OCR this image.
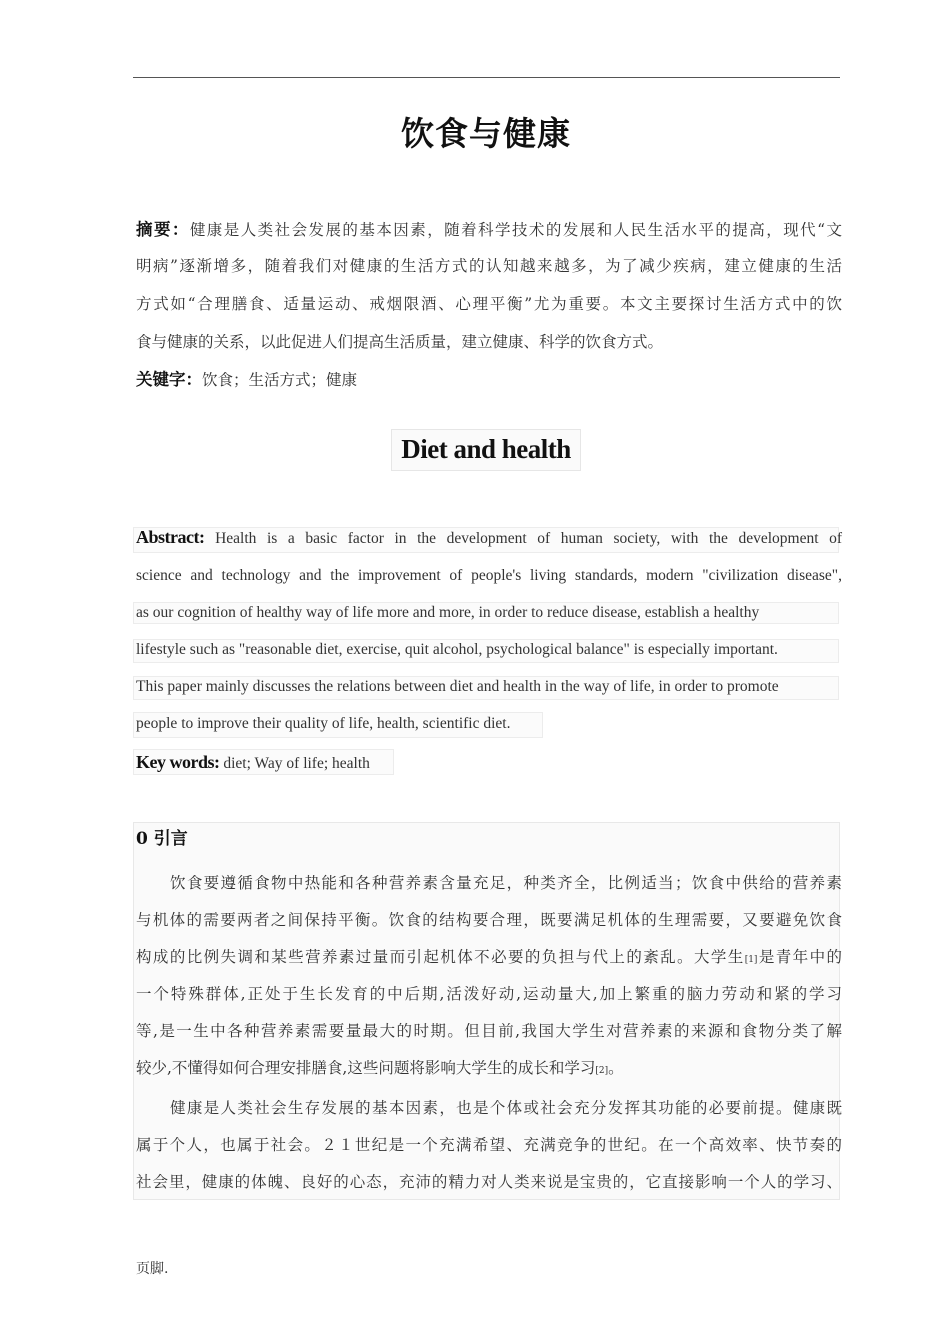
饮食与健康
摘要：健康是人类社会发展的基本因素，随着科学技术的发展和人民生活水平的提高，现代“文
明病”逐渐增多，随着我们对健康的生活方式的认知越来越多，为了减少疾病，建立健康的生活
方式如“合理膳食、适量运动、戒烟限酒、心理平衡”尤为重要。本文主要探讨生活方式中的饮
食与健康的关系，以此促进人们提高生活质量，建立健康、科学的饮食方式。
关键字：饮食；生活方式；健康
Diet and health
Abstract: Health is a basic factor in the development of human society, with the development of
science and technology and the improvement of people's living standards, modern "civilization disease",
as our cognition of healthy way of life more and more, in order to reduce disease, establish a healthy
lifestyle such as "reasonable diet, exercise, quit alcohol, psychological balance" is especially important.
This paper mainly discusses the relations between diet and health in the way of life, in order to promote
people to improve their quality of life, health, scientific diet.
Key words: diet; Way of life; health
0 引言
饮食要遵循食物中热能和各种营养素含量充足，种类齐全，比例适当；饮食中供给的营养素
与机体的需要两者之间保持平衡。饮食的结构要合理，既要满足机体的生理需要，又要避免饮食
构成的比例失调和某些营养素过量而引起机体不必要的负担与代上的紊乱。大学生[1]是青年中的
一个特殊群体,正处于生长发育的中后期,活泼好动,运动量大,加上繁重的脑力劳动和紧的学习
等,是一生中各种营养素需要量最大的时期。但目前,我国大学生对营养素的来源和食物分类了解
较少,不懂得如何合理安排膳食,这些问题将影响大学生的成长和学习[2]。
健康是人类社会生存发展的基本因素，也是个体或社会充分发挥其功能的必要前提。健康既
属于个人，也属于社会。２１世纪是一个充满希望、充满竞争的世纪。在一个高效率、快节奏的
社会里，健康的体魄、良好的心态，充沛的精力对人类来说是宝贵的，它直接影响一个人的学习、
页脚.
